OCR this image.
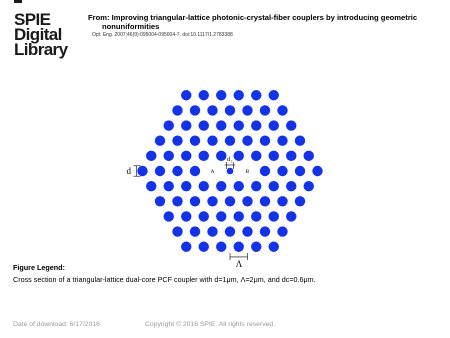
SPIE
Digital
Library
From: Improving triangular-lattice photonic-crystal-fiber couplers by introducing geometric
nonuniformities
Opt. Eng. 2007;46(9):095004-095004-7. doi:10.1117/1.2783388
d
d c
A	B
Λ
Figure Legend:
Cross section of a triangular-lattice dual-core PCF coupler with d=1μm, Λ=2μm, and dc=0.6μm.
Date of download: 6/17/2016	Copyright © 2016 SPIE. All rights reserved.
